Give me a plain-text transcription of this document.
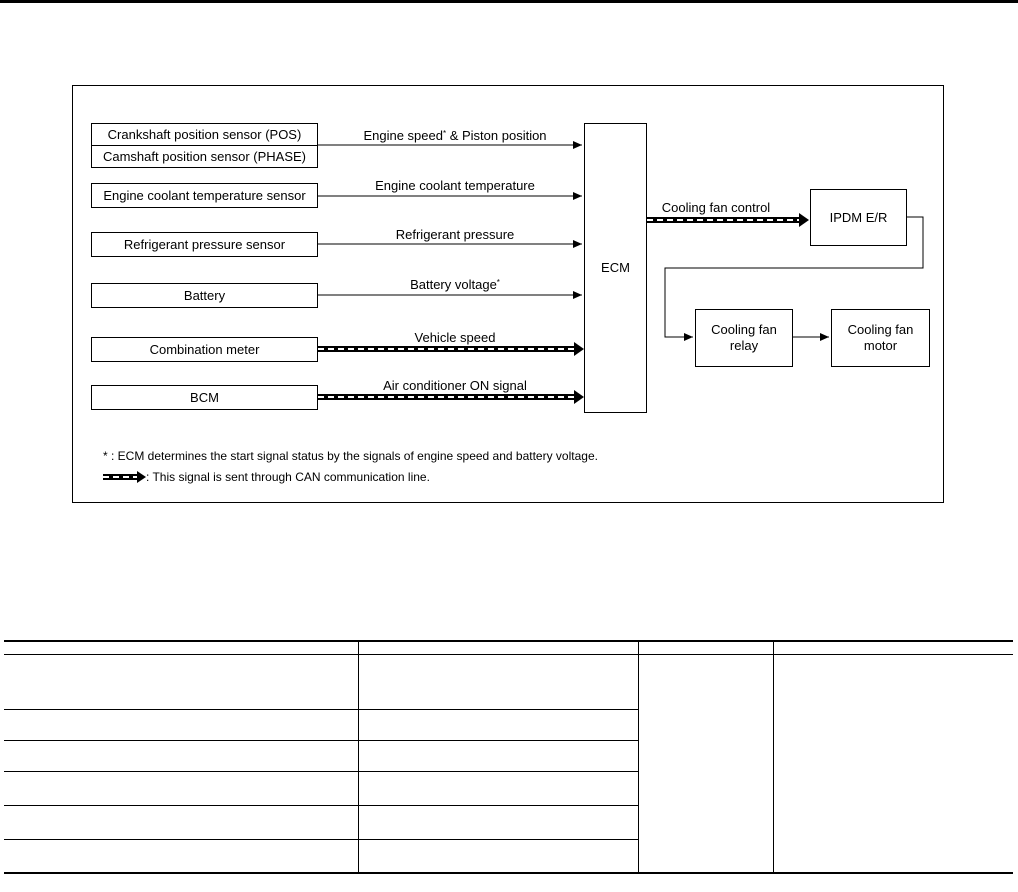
Crankshaft position sensor (POS)
Camshaft position sensor (PHASE)
Engine coolant temperature sensor
Refrigerant pressure sensor
Battery
Combination meter
BCM
Engine speed* & Piston position
Engine coolant temperature
Refrigerant pressure
Battery voltage*
Vehicle speed
Air conditioner ON signal
ECM
Cooling fan control
IPDM E/R
Cooling fan
relay
Cooling fan
motor
* : ECM determines the start signal status by the signals of engine speed and battery voltage.
: This signal is sent through CAN communication line.
